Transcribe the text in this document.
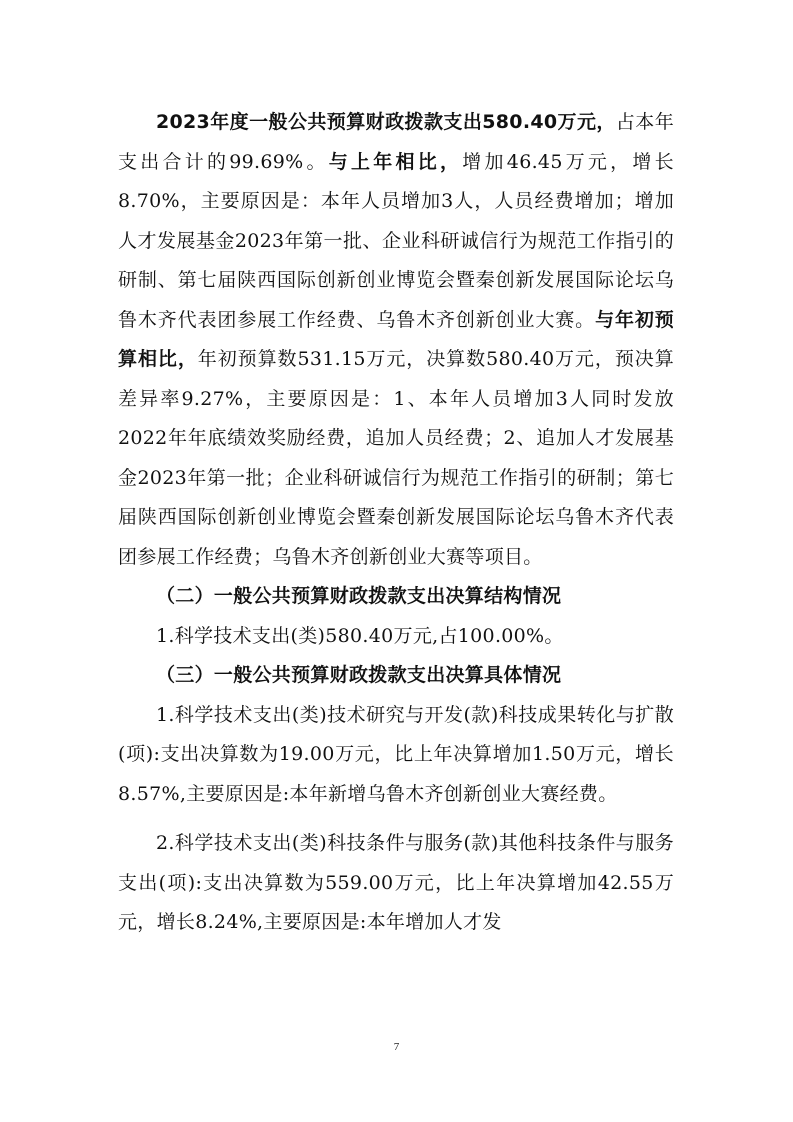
2023年度一般公共预算财政拨款支出580.40万元，占本年支出合计的99.69%。与上年相比，增加46.45万元，增长8.70%，主要原因是：本年人员增加3人，人员经费增加；增加人才发展基金2023年第一批、企业科研诚信行为规范工作指引的研制、第七届陕西国际创新创业博览会暨秦创新发展国际论坛乌鲁木齐代表团参展工作经费、乌鲁木齐创新创业大赛。与年初预算相比，年初预算数531.15万元，决算数580.40万元，预决算差异率9.27%，主要原因是：1、本年人员增加3人同时发放2022年年底绩效奖励经费，追加人员经费；2、追加人才发展基金2023年第一批；企业科研诚信行为规范工作指引的研制；第七届陕西国际创新创业博览会暨秦创新发展国际论坛乌鲁木齐代表团参展工作经费；乌鲁木齐创新创业大赛等项目。

（二）一般公共预算财政拨款支出决算结构情况

1.科学技术支出(类)580.40万元,占100.00%。

（三）一般公共预算财政拨款支出决算具体情况

1.科学技术支出(类)技术研究与开发(款)科技成果转化与扩散(项):支出决算数为19.00万元，比上年决算增加1.50万元，增长8.57%,主要原因是:本年新增乌鲁木齐创新创业大赛经费。

2.科学技术支出(类)科技条件与服务(款)其他科技条件与服务支出(项):支出决算数为559.00万元，比上年决算增加42.55万元，增长8.24%,主要原因是:本年增加人才发

7
